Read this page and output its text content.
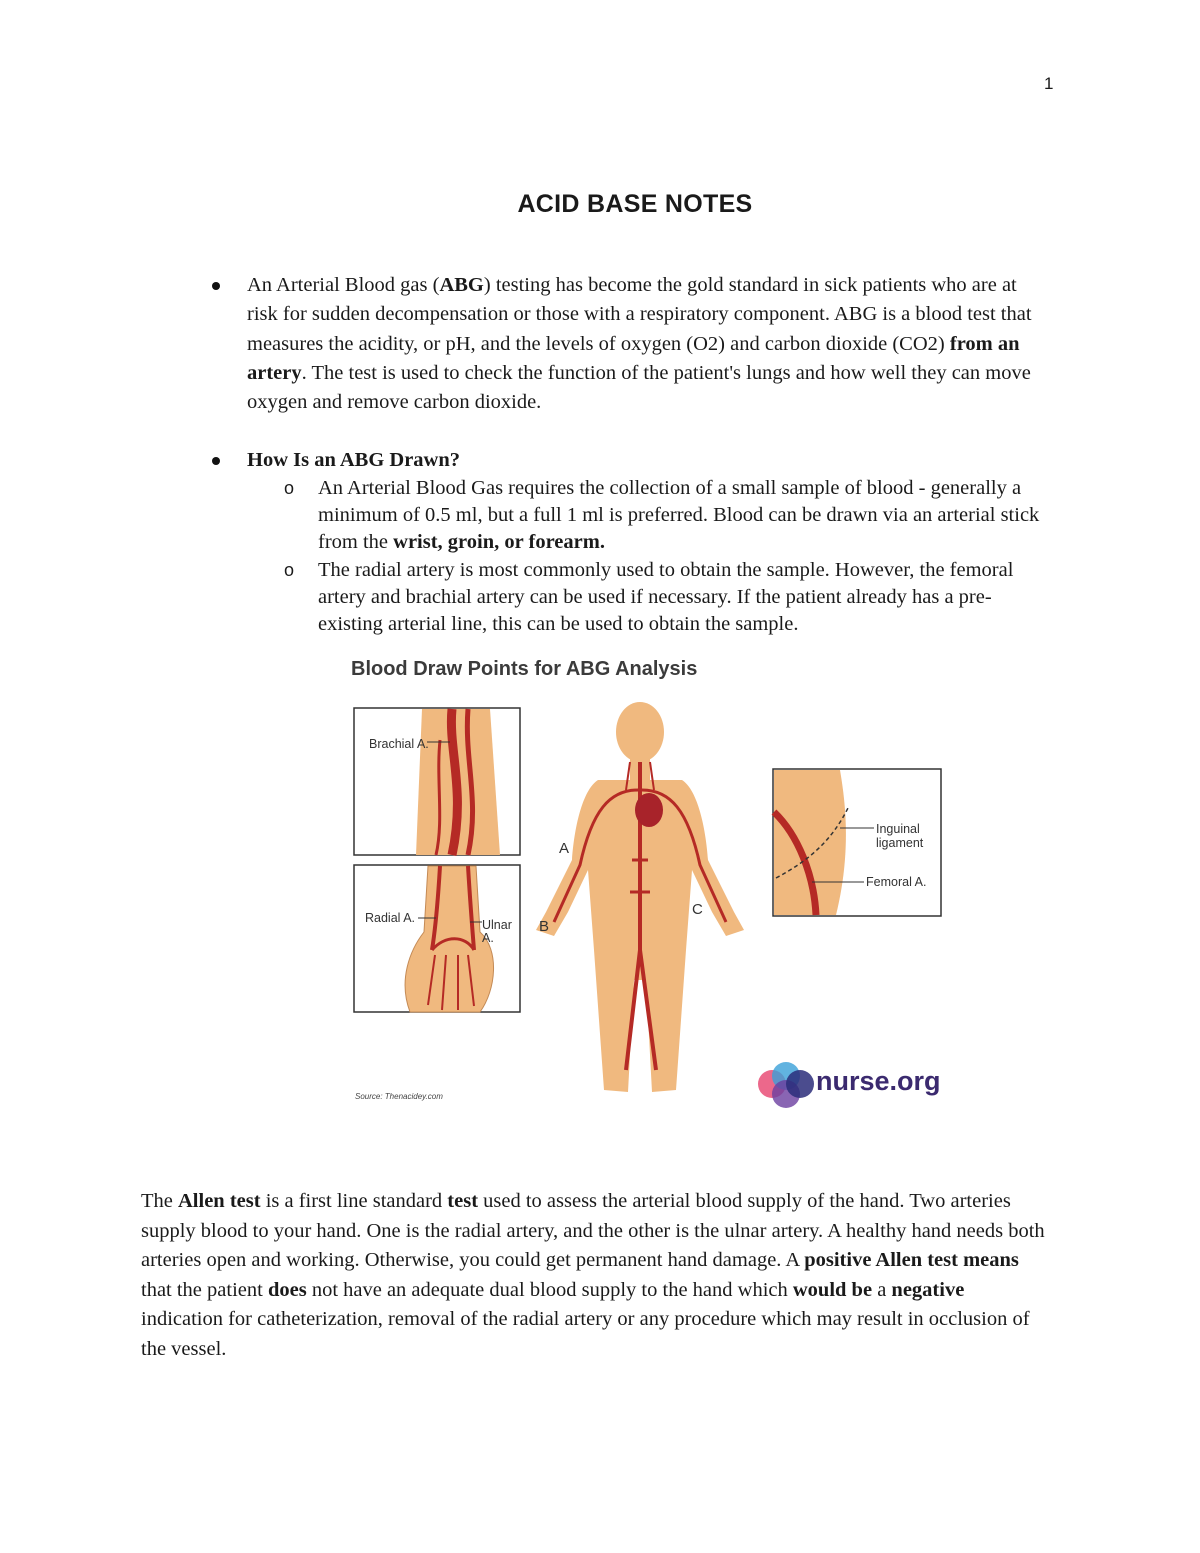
1
ACID BASE NOTES
An Arterial Blood gas (ABG) testing has become the gold standard in sick patients who are at risk for sudden decompensation or those with a respiratory component. ABG is a blood test that measures the acidity, or pH, and the levels of oxygen (O2) and carbon dioxide (CO2) from an artery. The test is used to check the function of the patient's lungs and how well they can move oxygen and remove carbon dioxide.
How Is an ABG Drawn?
o An Arterial Blood Gas requires the collection of a small sample of blood - generally a minimum of 0.5 ml, but a full 1 ml is preferred. Blood can be drawn via an arterial stick from the wrist, groin, or forearm.
o The radial artery is most commonly used to obtain the sample. However, the femoral artery and brachial artery can be used if necessary. If the patient already has a pre-existing arterial line, this can be used to obtain the sample.
Blood Draw Points for ABG Analysis
Brachial A.
Radial A.	Ulnar
A.
A
B
C
Inguinal
ligament
Femoral A.
Source: Thenacidey.com
nurse.org
The Allen test is a first line standard test used to assess the arterial blood supply of the hand. Two arteries supply blood to your hand. One is the radial artery, and the other is the ulnar artery. A healthy hand needs both arteries open and working. Otherwise, you could get permanent hand damage. A positive Allen test means that the patient does not have an adequate dual blood supply to the hand which would be a negative indication for catheterization, removal of the radial artery or any procedure which may result in occlusion of the vessel.
